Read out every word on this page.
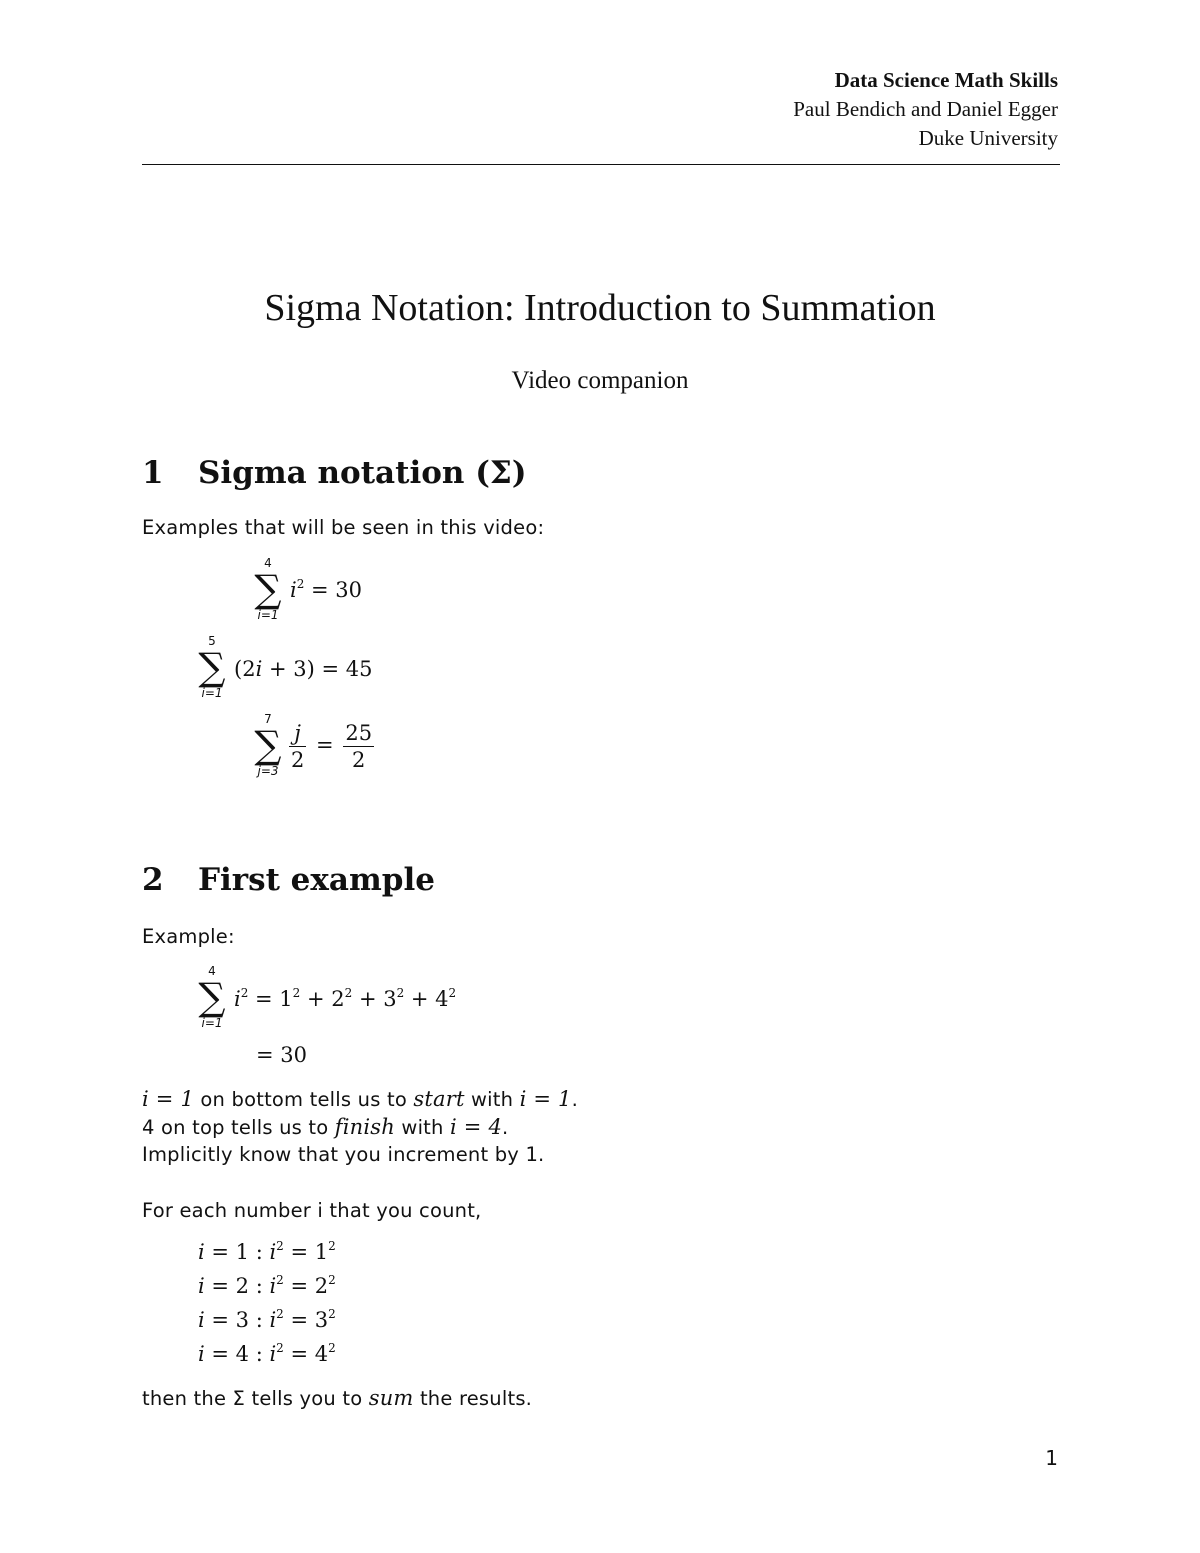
Data Science Math Skills
Paul Bendich and Daniel Egger
Duke University
Sigma Notation: Introduction to Summation
Video companion
1 Sigma notation (Σ)
Examples that will be seen in this video:
4
∑
i=1
$i^2 = 30$
5
∑
i=1
(2i + 3) = 45
7
∑
$j=3 \frac{j}{2} = \frac{25}{2}$
2 First example
Example:
4
∑
i=1
$i^2 = 1^2 + 2^2 + 3^2 + 4^2$
= 30
i = 1 on bottom tells us to start with i = 1.
4 on top tells us to finish with i = 4.
Implicitly know that you increment by 1.
For each number i that you count,
i = 1 : $i^2 = 1^2$
i = 2 : $i^2 = 2^2$
i = 3 : $i^2 = 3^2$
i = 4 : $i^2 = 4^2$
then the Σ tells you to sum the results.
1
